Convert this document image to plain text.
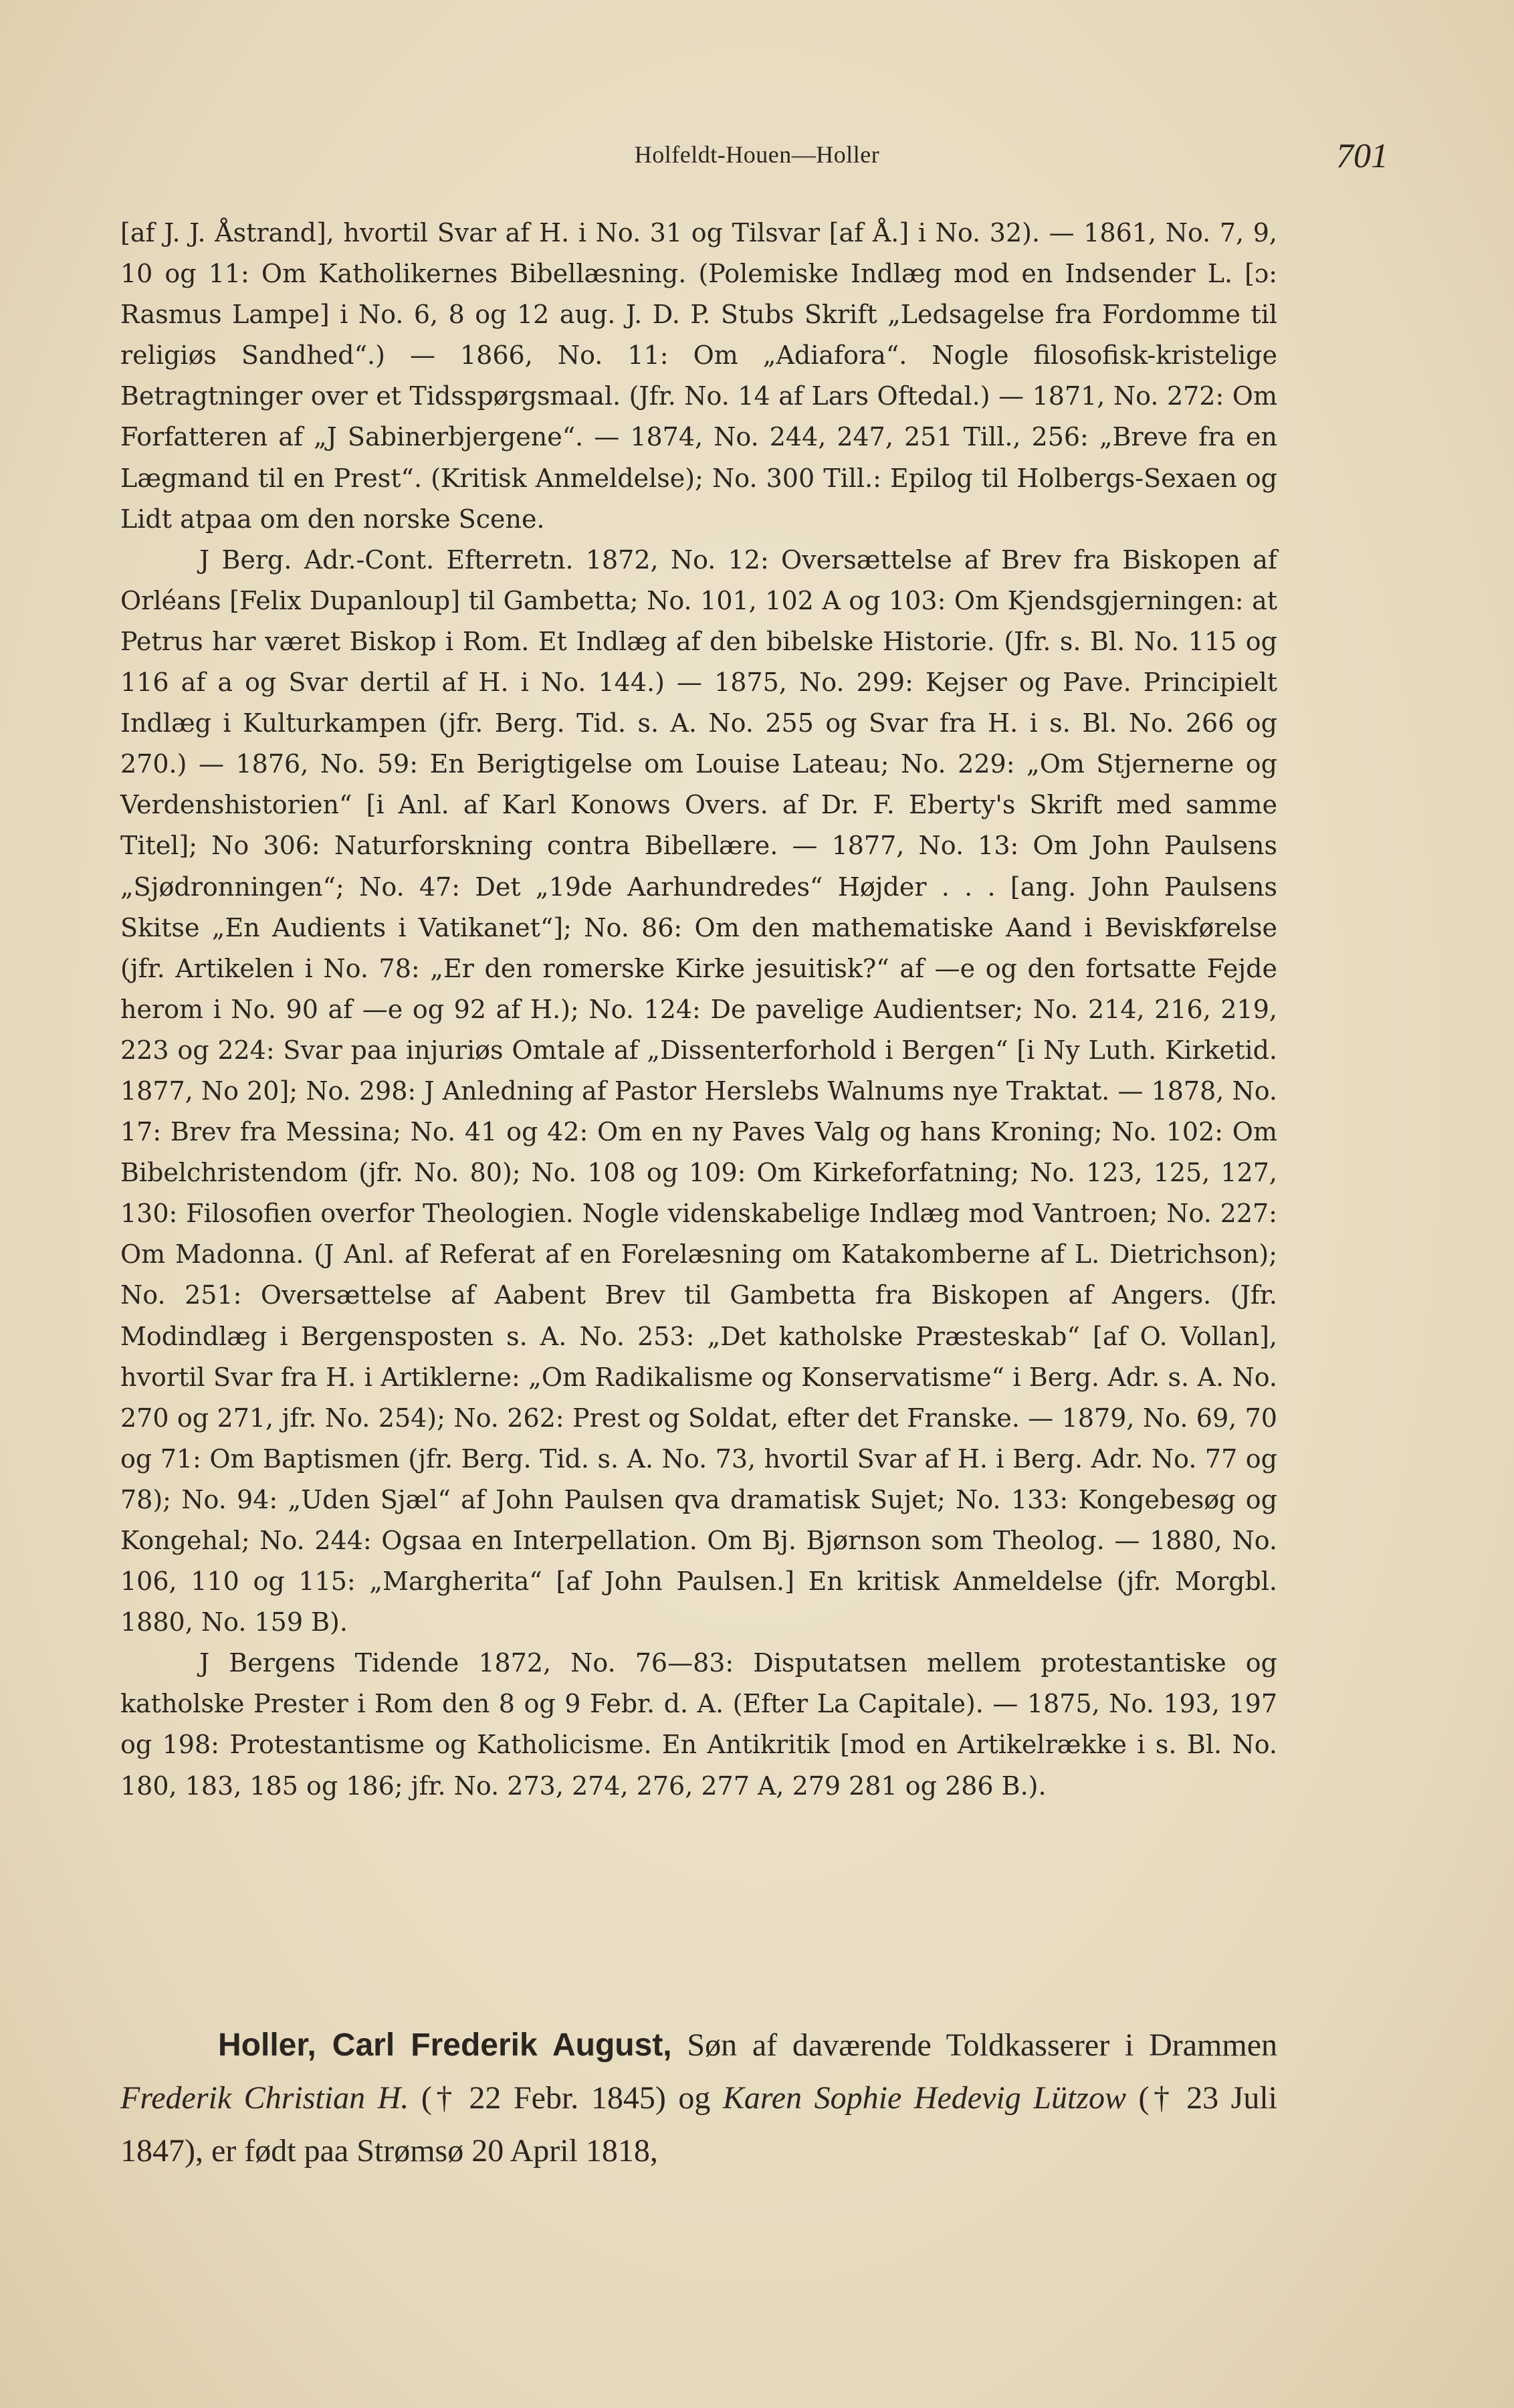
Holfeldt-Houen—Holler	701

[af J. J. Åstrand], hvortil Svar af H. i No. 31 og Tilsvar [af Å.] i No. 32). — 1861, No. 7, 9, 10 og 11: Om Katholikernes Bibellæsning. (Polemiske Indlæg mod en Indsender L. [ɔ: Rasmus Lampe] i No. 6, 8 og 12 aug. J. D. P. Stubs Skrift „Ledsagelse fra Fordomme til religiøs Sandhed“.) — 1866, No. 11: Om „Adiafora“. Nogle filosofisk-kristelige Betragtninger over et Tidsspørgsmaal. (Jfr. No. 14 af Lars Oftedal.) — 1871, No. 272: Om Forfatteren af „J Sabinerbjergene“. — 1874, No. 244, 247, 251 Till., 256: „Breve fra en Lægmand til en Prest“. (Kritisk Anmeldelse); No. 300 Till.: Epilog til Holbergs-Sexaen og Lidt atpaa om den norske Scene.

J Berg. Adr.-Cont. Efterretn. 1872, No. 12: Oversættelse af Brev fra Biskopen af Orléans [Felix Dupanloup] til Gambetta; No. 101, 102 A og 103: Om Kjendsgjerningen: at Petrus har været Biskop i Rom. Et Indlæg af den bibelske Historie. (Jfr. s. Bl. No. 115 og 116 af a og Svar dertil af H. i No. 144.) — 1875, No. 299: Kejser og Pave. Principielt Indlæg i Kulturkampen (jfr. Berg. Tid. s. A. No. 255 og Svar fra H. i s. Bl. No. 266 og 270.) — 1876, No. 59: En Berigtigelse om Louise Lateau; No. 229: „Om Stjernerne og Verdenshistorien“ [i Anl. af Karl Konows Overs. af Dr. F. Eberty's Skrift med samme Titel]; No 306: Naturforskning contra Bibellære. — 1877, No. 13: Om John Paulsens „Sjødronningen“; No. 47: Det „19de Aarhundredes“ Højder . . . [ang. John Paulsens Skitse „En Audients i Vatikanet“]; No. 86: Om den mathematiske Aand i Beviskførelse (jfr. Artikelen i No. 78: „Er den romerske Kirke jesuitisk?“ af —e og den fortsatte Fejde herom i No. 90 af —e og 92 af H.); No. 124: De pavelige Audientser; No. 214, 216, 219, 223 og 224: Svar paa injuriøs Omtale af „Dissenterforhold i Bergen“ [i Ny Luth. Kirketid. 1877, No 20]; No. 298: J Anledning af Pastor Herslebs Walnums nye Traktat. — 1878, No. 17: Brev fra Messina; No. 41 og 42: Om en ny Paves Valg og hans Kroning; No. 102: Om Bibelchristendom (jfr. No. 80); No. 108 og 109: Om Kirkeforfatning; No. 123, 125, 127, 130: Filosofien overfor Theologien. Nogle videnskabelige Indlæg mod Vantroen; No. 227: Om Madonna. (J Anl. af Referat af en Forelæsning om Katakomberne af L. Dietrichson); No. 251: Oversættelse af Aabent Brev til Gambetta fra Biskopen af Angers. (Jfr. Modindlæg i Bergensposten s. A. No. 253: „Det katholske Præsteskab“ [af O. Vollan], hvortil Svar fra H. i Artiklerne: „Om Radikalisme og Konservatisme“ i Berg. Adr. s. A. No. 270 og 271, jfr. No. 254); No. 262: Prest og Soldat, efter det Franske. — 1879, No. 69, 70 og 71: Om Baptismen (jfr. Berg. Tid. s. A. No. 73, hvortil Svar af H. i Berg. Adr. No. 77 og 78); No. 94: „Uden Sjæl“ af John Paulsen qva dramatisk Sujet; No. 133: Kongebesøg og Kongehal; No. 244: Ogsaa en Interpellation. Om Bj. Bjørnson som Theolog. — 1880, No. 106, 110 og 115: „Margherita“ [af John Paulsen.] En kritisk Anmeldelse (jfr. Morgbl. 1880, No. 159 B).

J Bergens Tidende 1872, No. 76—83: Disputatsen mellem protestantiske og katholske Prester i Rom den 8 og 9 Febr. d. A. (Efter La Capitale). — 1875, No. 193, 197 og 198: Protestantisme og Katholicisme. En Antikritik [mod en Artikelrække i s. Bl. No. 180, 183, 185 og 186; jfr. No. 273, 274, 276, 277 A, 279 281 og 286 B.).

Holler, Carl Frederik August, Søn af daværende Toldkasserer i Drammen Frederik Christian H. († 22 Febr. 1845) og Karen Sophie Hedevig Lützow († 23 Juli 1847), er født paa Strømsø 20 April 1818,
